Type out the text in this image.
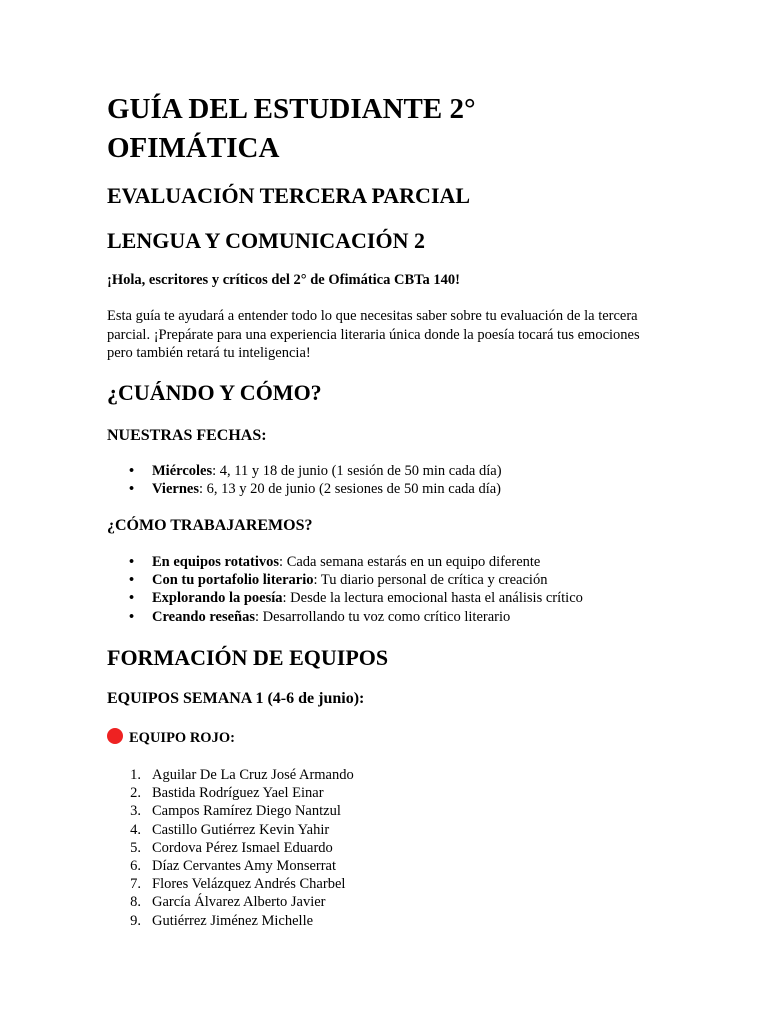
GUÍA DEL ESTUDIANTE 2°
OFIMÁTICA
EVALUACIÓN TERCERA PARCIAL
LENGUA Y COMUNICACIÓN 2

¡Hola, escritores y críticos del 2° de Ofimática CBTa 140!

Esta guía te ayudará a entender todo lo que necesitas saber sobre tu evaluación de la tercera parcial. ¡Prepárate para una experiencia literaria única donde la poesía tocará tus emociones pero también retará tu inteligencia!

¿CUÁNDO Y CÓMO?
NUESTRAS FECHAS:
• Miércoles: 4, 11 y 18 de junio (1 sesión de 50 min cada día)
• Viernes: 6, 13 y 20 de junio (2 sesiones de 50 min cada día)
¿CÓMO TRABAJAREMOS?
• En equipos rotativos: Cada semana estarás en un equipo diferente
• Con tu portafolio literario: Tu diario personal de crítica y creación
• Explorando la poesía: Desde la lectura emocional hasta el análisis crítico
• Creando reseñas: Desarrollando tu voz como crítico literario
FORMACIÓN DE EQUIPOS
EQUIPOS SEMANA 1 (4-6 de junio):
EQUIPO ROJO:
1. Aguilar De La Cruz José Armando
2. Bastida Rodríguez Yael Einar
3. Campos Ramírez Diego Nantzul
4. Castillo Gutiérrez Kevin Yahir
5. Cordova Pérez Ismael Eduardo
6. Díaz Cervantes Amy Monserrat
7. Flores Velázquez Andrés Charbel
8. García Álvarez Alberto Javier
9. Gutiérrez Jiménez Michelle
